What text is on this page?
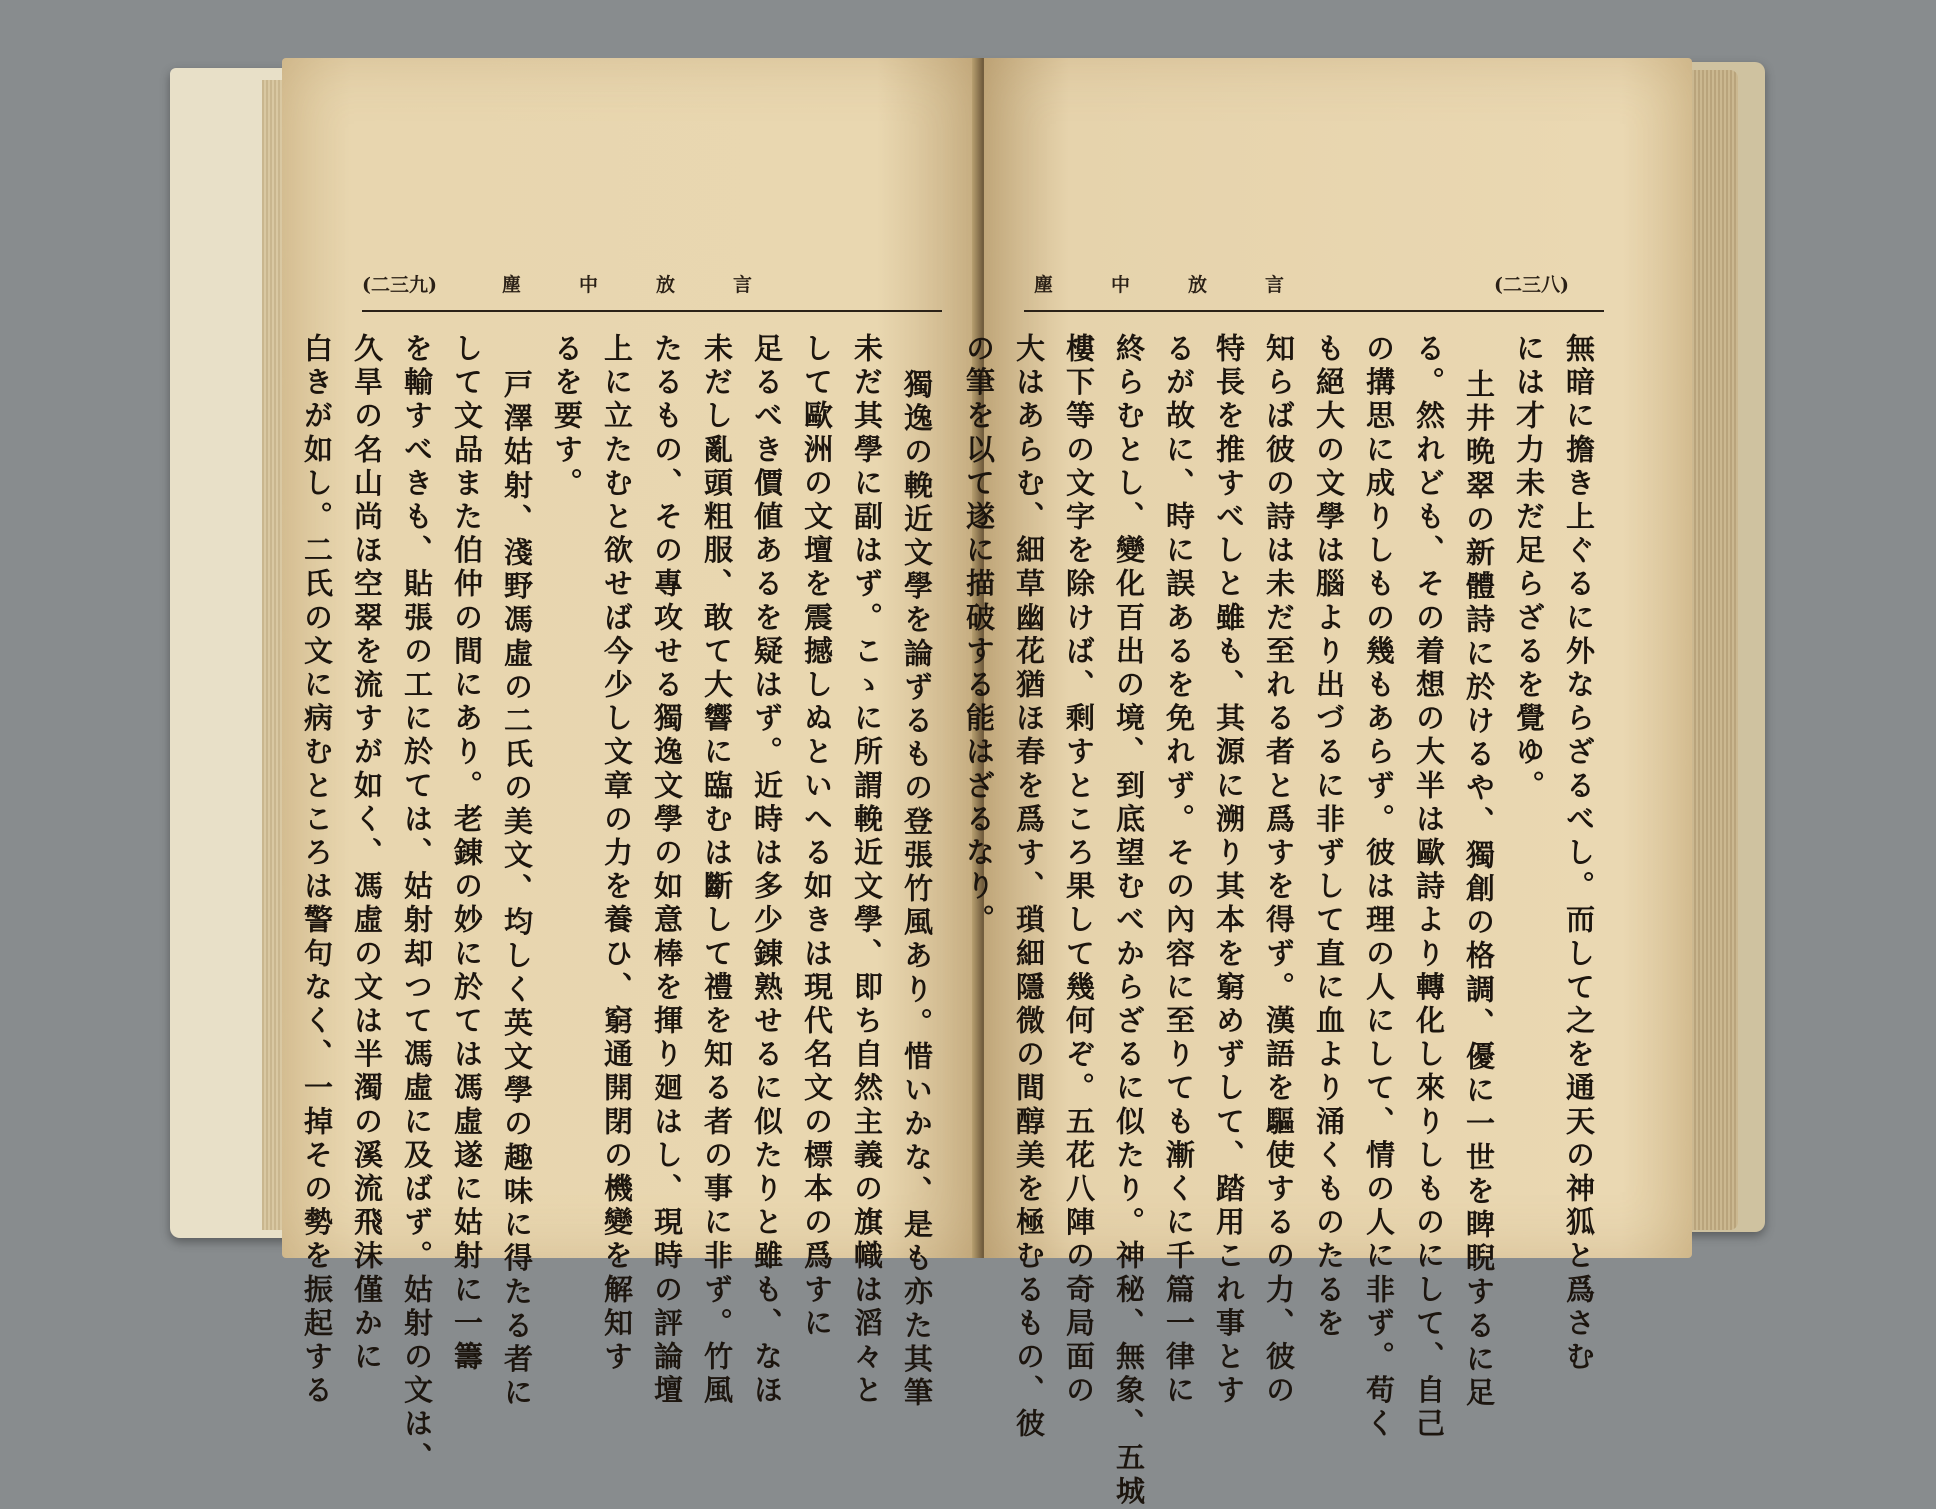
(二三九)	塵中放言
獨逸の輓近文學を論ずるもの登張竹風あり。惜いかな、是も亦た其筆
未だ其學に副はず。こゝに所謂輓近文學、即ち自然主義の旗幟は滔々と
して歐洲の文壇を震撼しぬといへる如きは現代名文の標本の爲すに
足るべき價値あるを疑はず。近時は多少錬熟せるに似たりと雖も、なほ
未だし亂頭粗服、敢て大響に臨むは斷して禮を知る者の事に非ず。竹風
たるもの、その專攻せる獨逸文學の如意棒を揮り廻はし、現時の評論壇
上に立たむと欲せば今少し文章の力を養ひ、窮通開閉の機變を解知す
るを要す。
戸澤姑射、淺野馮虛の二氏の美文、均しく英文學の趣味に得たる者に
して文品また伯仲の間にあり。老錬の妙に於ては馮虛遂に姑射に一籌
を輸すべきも、貼張の工に於ては、姑射却つて馮虛に及ばず。姑射の文は、
久旱の名山尚ほ空翠を流すが如く、馮虛の文は半濁の溪流飛沫僅かに
白きが如し。二氏の文に病むところは警句なく、一掉その勢を振起する
塵中放言	(二三八)
無暗に擔き上ぐるに外ならざるべし。而して之を通天の神狐と爲さむ
には才力未だ足らざるを覺ゆ。
土井晩翠の新體詩に於けるや、獨創の格調、優に一世を睥睨するに足
る。然れども、その着想の大半は歐詩より轉化し來りしものにして、自己
の搆思に成りしもの幾もあらず。彼は理の人にして、情の人に非ず。苟く
も絕大の文學は腦より出づるに非ずして直に血より涌くものたるを
知らば彼の詩は未だ至れる者と爲すを得ず。漢語を驅使するの力、彼の
特長を推すべしと雖も、其源に溯り其本を窮めずして、踏用これ事とす
るが故に、時に誤あるを免れず。その內容に至りても漸くに千篇一律に
終らむとし、變化百出の境、到底望むべからざるに似たり。神秘、無象、五城
樓下等の文字を除けば、剩すところ果して幾何ぞ。五花八陣の奇局面の
大はあらむ、細草幽花猶ほ春を爲す、瑣細隱微の間醇美を極むるもの、彼
の筆を以て遂に描破する能はざるなり。
